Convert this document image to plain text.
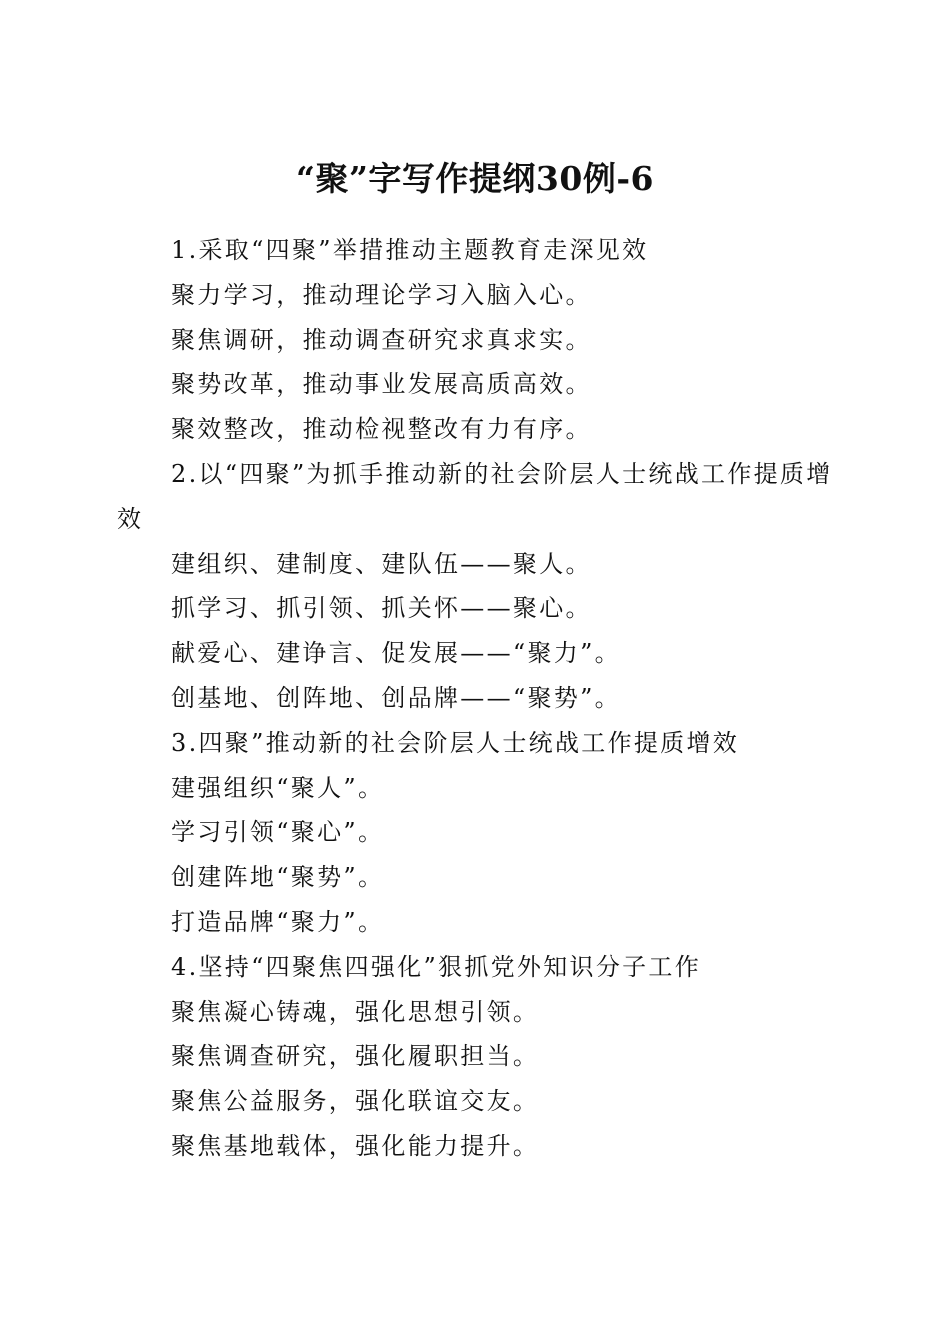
“聚”字写作提纲30例-6

1.采取“四聚”举措推动主题教育走深见效

聚力学习，推动理论学习入脑入心。

聚焦调研，推动调查研究求真求实。

聚势改革，推动事业发展高质高效。

聚效整改，推动检视整改有力有序。

2.以“四聚”为抓手推动新的社会阶层人士统战工作提质增效

建组织、建制度、建队伍——聚人。

抓学习、抓引领、抓关怀——聚心。

献爱心、建诤言、促发展——“聚力”。

创基地、创阵地、创品牌——“聚势”。

3.四聚”推动新的社会阶层人士统战工作提质增效

建强组织“聚人”。

学习引领“聚心”。

创建阵地“聚势”。

打造品牌“聚力”。

4.坚持“四聚焦四强化”狠抓党外知识分子工作

聚焦凝心铸魂，强化思想引领。

聚焦调查研究，强化履职担当。

聚焦公益服务，强化联谊交友。

聚焦基地载体，强化能力提升。
